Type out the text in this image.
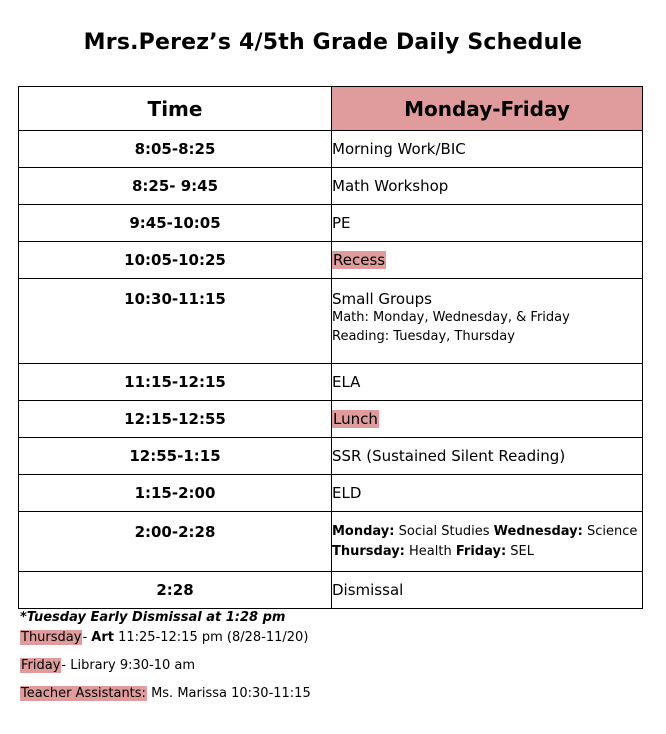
Mrs.Perez’s 4/5th Grade Daily Schedule
Time	Monday-Friday
8:05-8:25	Morning Work/BIC
8:25- 9:45	Math Workshop
9:45-10:05	PE
10:05-10:25	Recess
10:30-11:15	Small Groups
Math: Monday, Wednesday, & Friday
Reading: Tuesday, Thursday

11:15-12:15	ELA
12:15-12:55	Lunch
12:55-1:15	SSR (Sustained Silent Reading)
1:15-2:00	ELD
2:00-2:28	Monday: Social Studies Wednesday: Science
Thursday: Health Friday: SEL

2:28	Dismissal
*Tuesday Early Dismissal at 1:28 pm
Thursday- Art 11:25-12:15 pm (8/28-11/20)
Friday- Library 9:30-10 am
Teacher Assistants: Ms. Marissa 10:30-11:15
